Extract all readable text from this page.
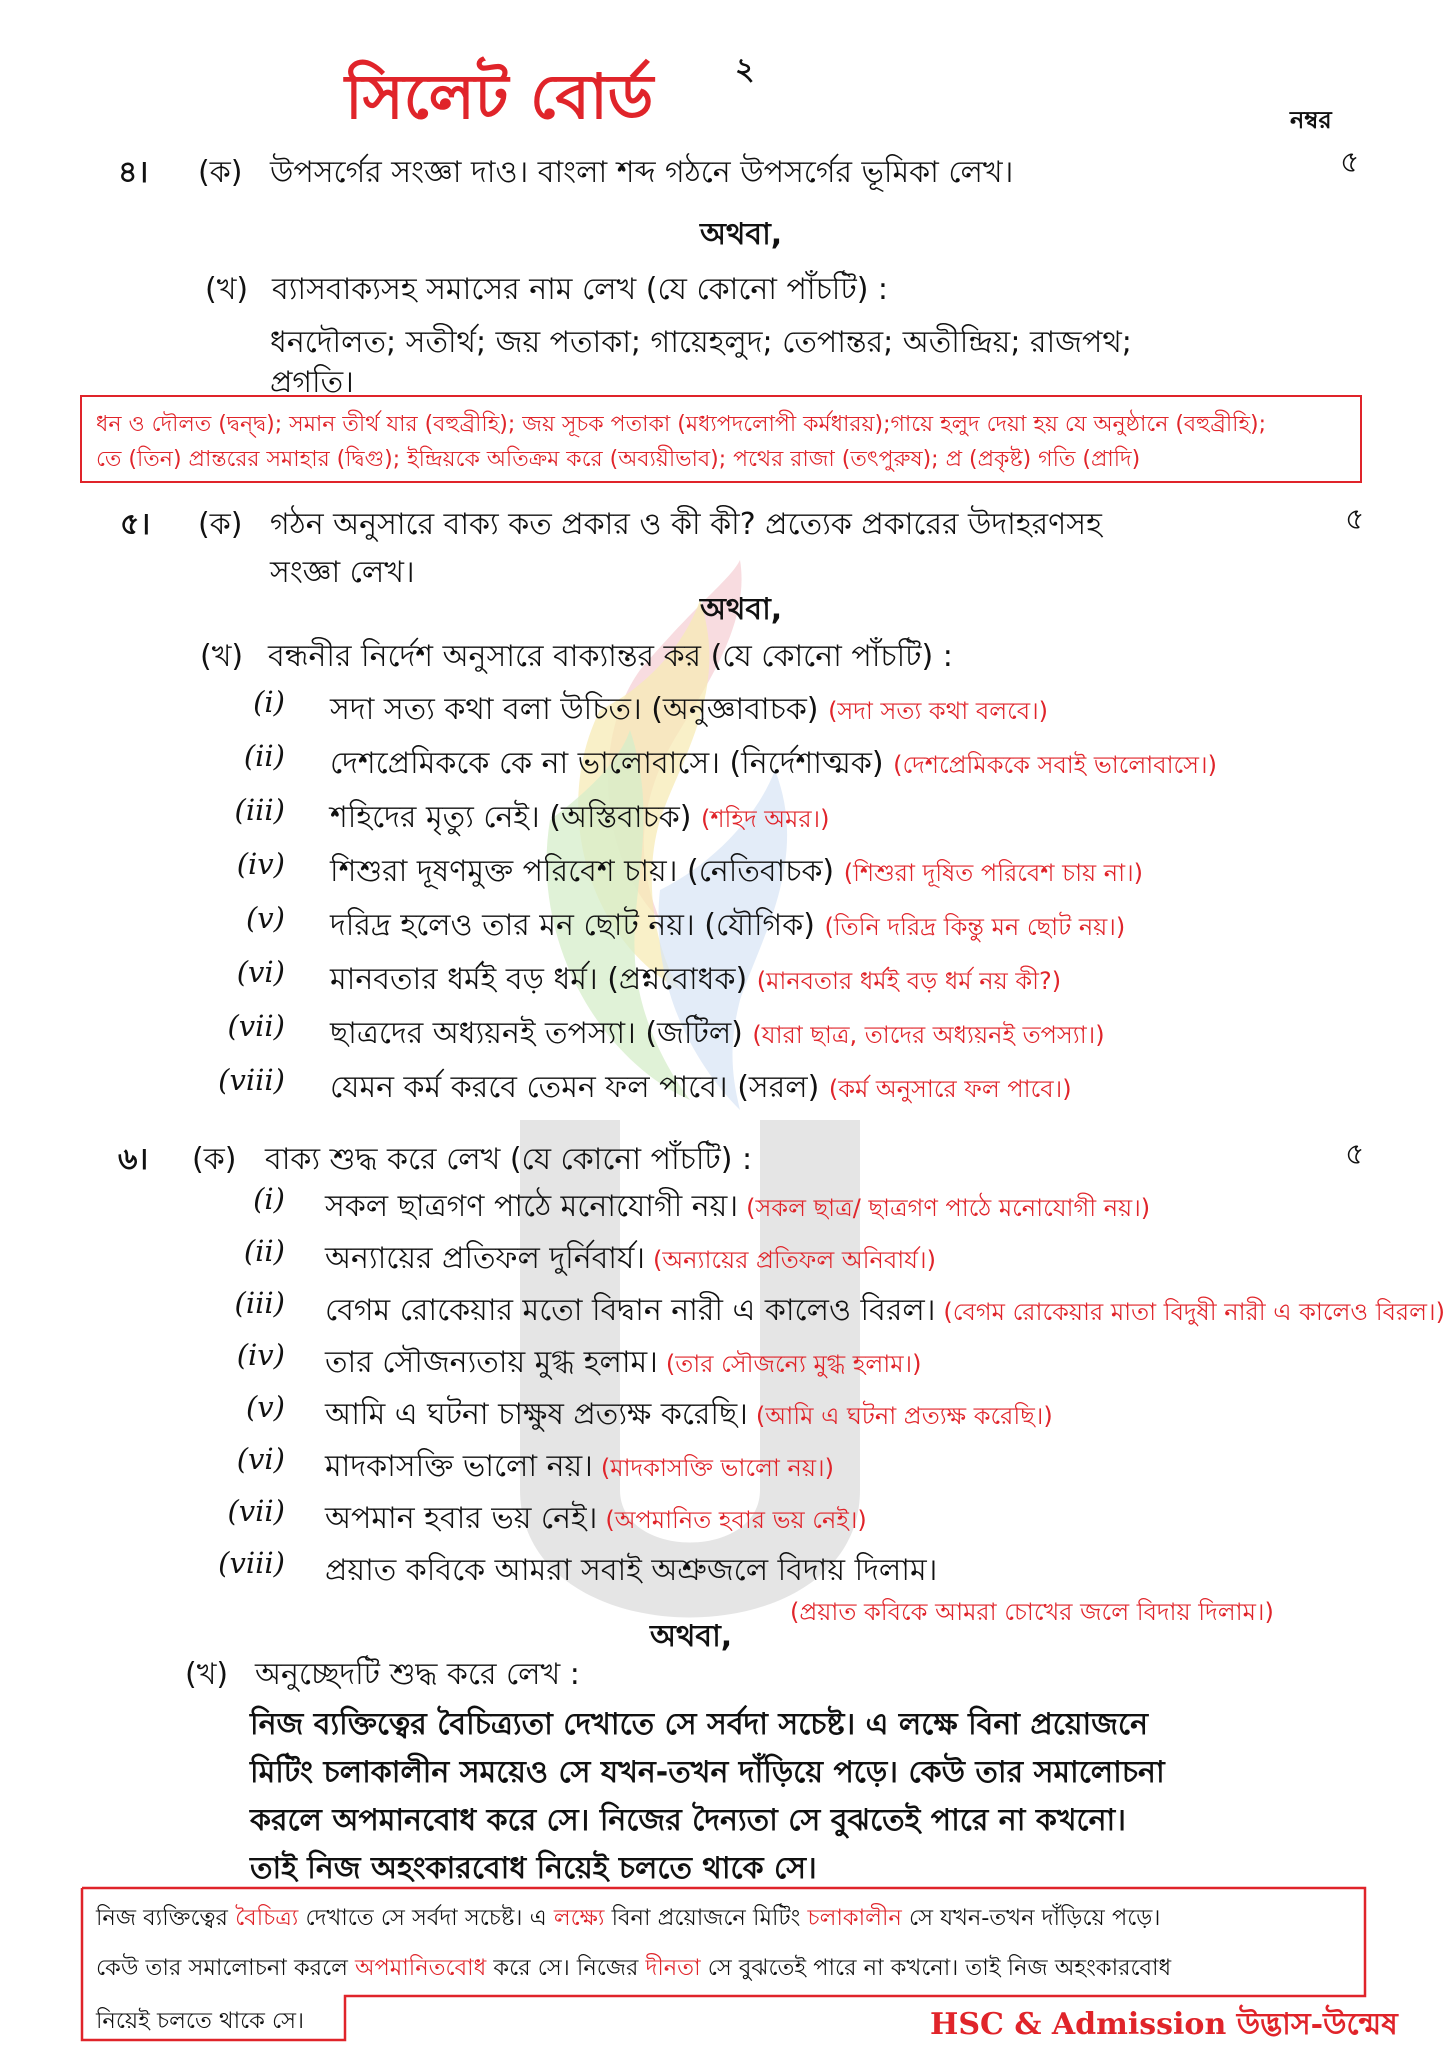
২
সিলেট বোর্ড	নম্বর
৪। (ক) উপসর্গের সংজ্ঞা দাও। বাংলা শব্দ গঠনে উপসর্গের ভূমিকা লেখ।	৫
অথবা,
(খ) ব্যাসবাক্যসহ সমাসের নাম লেখ (যে কোনো পাঁচটি) :
ধনদৌলত; সতীর্থ; জয় পতাকা; গায়েহলুদ; তেপান্তর; অতীন্দ্রিয়; রাজপথ;
প্রগতি।
ধন ও দৌলত (দ্বন্দ্ব); সমান তীর্থ যার (বহুব্রীহি); জয় সূচক পতাকা (মধ্যপদলোপী কর্মধারয়);গায়ে হলুদ দেয়া হয় যে অনুষ্ঠানে (বহুব্রীহি);
তে (তিন) প্রান্তরের সমাহার (দ্বিগু); ইন্দ্রিয়কে অতিক্রম করে (অব্যয়ীভাব); পথের রাজা (তৎপুরুষ); প্র (প্রকৃষ্ট) গতি (প্রাদি)
৫। (ক) গঠন অনুসারে বাক্য কত প্রকার ও কী কী? প্রত্যেক প্রকারের উদাহরণসহ
সংজ্ঞা লেখ।
৫
অথবা,
(খ) বন্ধনীর নির্দেশ অনুসারে বাক্যান্তর কর (যে কোনো পাঁচটি) :
(i) সদা সত্য কথা বলা উচিত। (অনুজ্ঞাবাচক) (সদা সত্য কথা বলবে।)
(ii) দেশপ্রেমিককে কে না ভালোবাসে। (নির্দেশাত্মক) (দেশপ্রেমিককে সবাই ভালোবাসে।)
(iii) শহিদের মৃত্যু নেই। (অস্তিবাচক) (শহিদ অমর।)
(iv) শিশুরা দূষণমুক্ত পরিবেশ চায়। (নেতিবাচক) (শিশুরা দূষিত পরিবেশ চায় না।)
(v) দরিদ্র হলেও তার মন ছোট নয়। (যৌগিক) (তিনি দরিদ্র কিন্তু মন ছোট নয়।)
(vi) মানবতার ধর্মই বড় ধর্ম। (প্রশ্নবোধক) (মানবতার ধর্মই বড় ধর্ম নয় কী?)
(vii) ছাত্রদের অধ্যয়নই তপস্যা। (জটিল) (যারা ছাত্র, তাদের অধ্যয়নই তপস্যা।)
(viii) যেমন কর্ম করবে তেমন ফল পাবে। (সরল) (কর্ম অনুসারে ফল পাবে।)
৬। (ক) বাক্য শুদ্ধ করে লেখ (যে কোনো পাঁচটি) :	৫
(i) সকল ছাত্রগণ পাঠে মনোযোগী নয়। (সকল ছাত্র/ ছাত্রগণ পাঠে মনোযোগী নয়।)
(ii) অন্যায়ের প্রতিফল দুর্নিবার্য। (অন্যায়ের প্রতিফল অনিবার্য।)
(iii) বেগম রোকেয়ার মতো বিদ্বান নারী এ কালেও বিরল। (বেগম রোকেয়ার মাতা বিদুষী নারী এ কালেও বিরল।)
(iv) তার সৌজন্যতায় মুগ্ধ হলাম। (তার সৌজন্যে মুগ্ধ হলাম।)
(v) আমি এ ঘটনা চাক্ষুষ প্রত্যক্ষ করেছি। (আমি এ ঘটনা প্রত্যক্ষ করেছি।)
(vi) মাদকাসক্তি ভালো নয়। (মাদকাসক্তি ভালো নয়।)
(vii) অপমান হবার ভয় নেই। (অপমানিত হবার ভয় নেই।)
(viii) প্রয়াত কবিকে আমরা সবাই অশ্রুজলে বিদায় দিলাম।
(প্রয়াত কবিকে আমরা চোখের জলে বিদায় দিলাম।)
অথবা,
(খ) অনুচ্ছেদটি শুদ্ধ করে লেখ :
নিজ ব্যক্তিত্বের বৈচিত্র্যতা দেখাতে সে সর্বদা সচেষ্ট। এ লক্ষে বিনা প্রয়োজনে
মিটিং চলাকালীন সময়েও সে যখন-তখন দাঁড়িয়ে পড়ে। কেউ তার সমালোচনা
করলে অপমানবোধ করে সে। নিজের দৈন্যতা সে বুঝতেই পারে না কখনো।
তাই নিজ অহংকারবোধ নিয়েই চলতে থাকে সে।
নিজ ব্যক্তিত্বের বৈচিত্র্য দেখাতে সে সর্বদা সচেষ্ট। এ লক্ষ্যে বিনা প্রয়োজনে মিটিং চলাকালীন সে যখন-তখন দাঁড়িয়ে পড়ে।
কেউ তার সমালোচনা করলে অপমানিতবোধ করে সে। নিজের দীনতা সে বুঝতেই পারে না কখনো। তাই নিজ অহংকারবোধ
নিয়েই চলতে থাকে সে।	HSC & Admission উদ্ভাস-উন্মেষ
